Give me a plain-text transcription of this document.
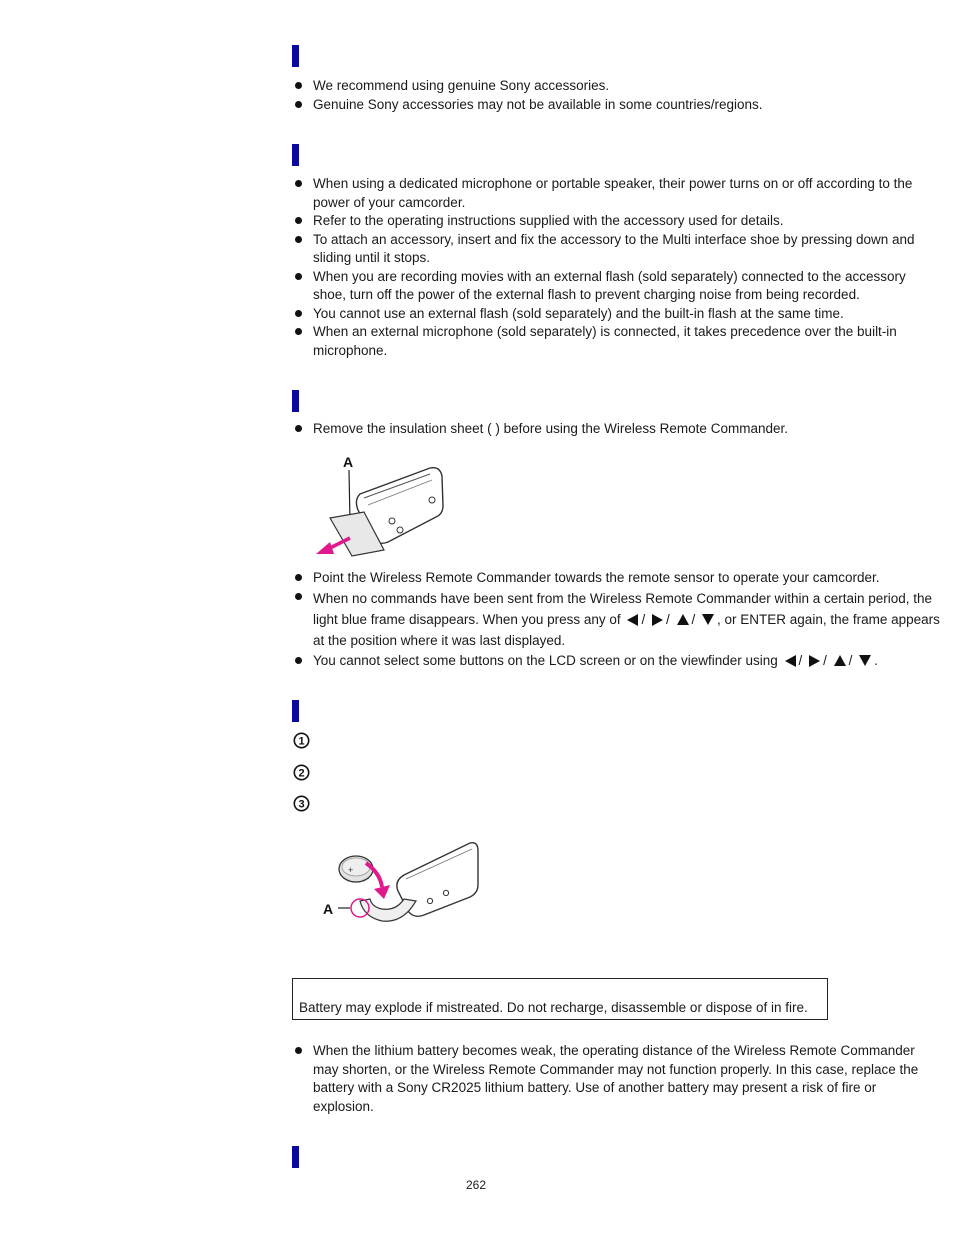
We recommend using genuine Sony accessories.
Genuine Sony accessories may not be available in some countries/regions.
When using a dedicated microphone or portable speaker, their power turns on or off according to the power of your camcorder.
Refer to the operating instructions supplied with the accessory used for details.
To attach an accessory, insert and fix the accessory to the Multi interface shoe by pressing down and sliding until it stops.
When you are recording movies with an external flash (sold separately) connected to the accessory shoe, turn off the power of the external flash to prevent charging noise from being recorded.
You cannot use an external flash (sold separately) and the built-in flash at the same time.
When an external microphone (sold separately) is connected, it takes precedence over the built-in microphone.
Remove the insulation sheet ( ) before using the Wireless Remote Commander.
A
Point the Wireless Remote Commander towards the remote sensor to operate your camcorder.
When no commands have been sent from the Wireless Remote Commander within a certain period, the light blue frame disappears. When you press any of / / / , or ENTER again, the frame appears at the position where it was last displayed.
You cannot select some buttons on the LCD screen or on the viewfinder using / / / .
1
2
3
+
A
Battery may explode if mistreated. Do not recharge, disassemble or dispose of in fire.
When the lithium battery becomes weak, the operating distance of the Wireless Remote Commander may shorten, or the Wireless Remote Commander may not function properly. In this case, replace the battery with a Sony CR2025 lithium battery. Use of another battery may present a risk of fire or explosion.
262
